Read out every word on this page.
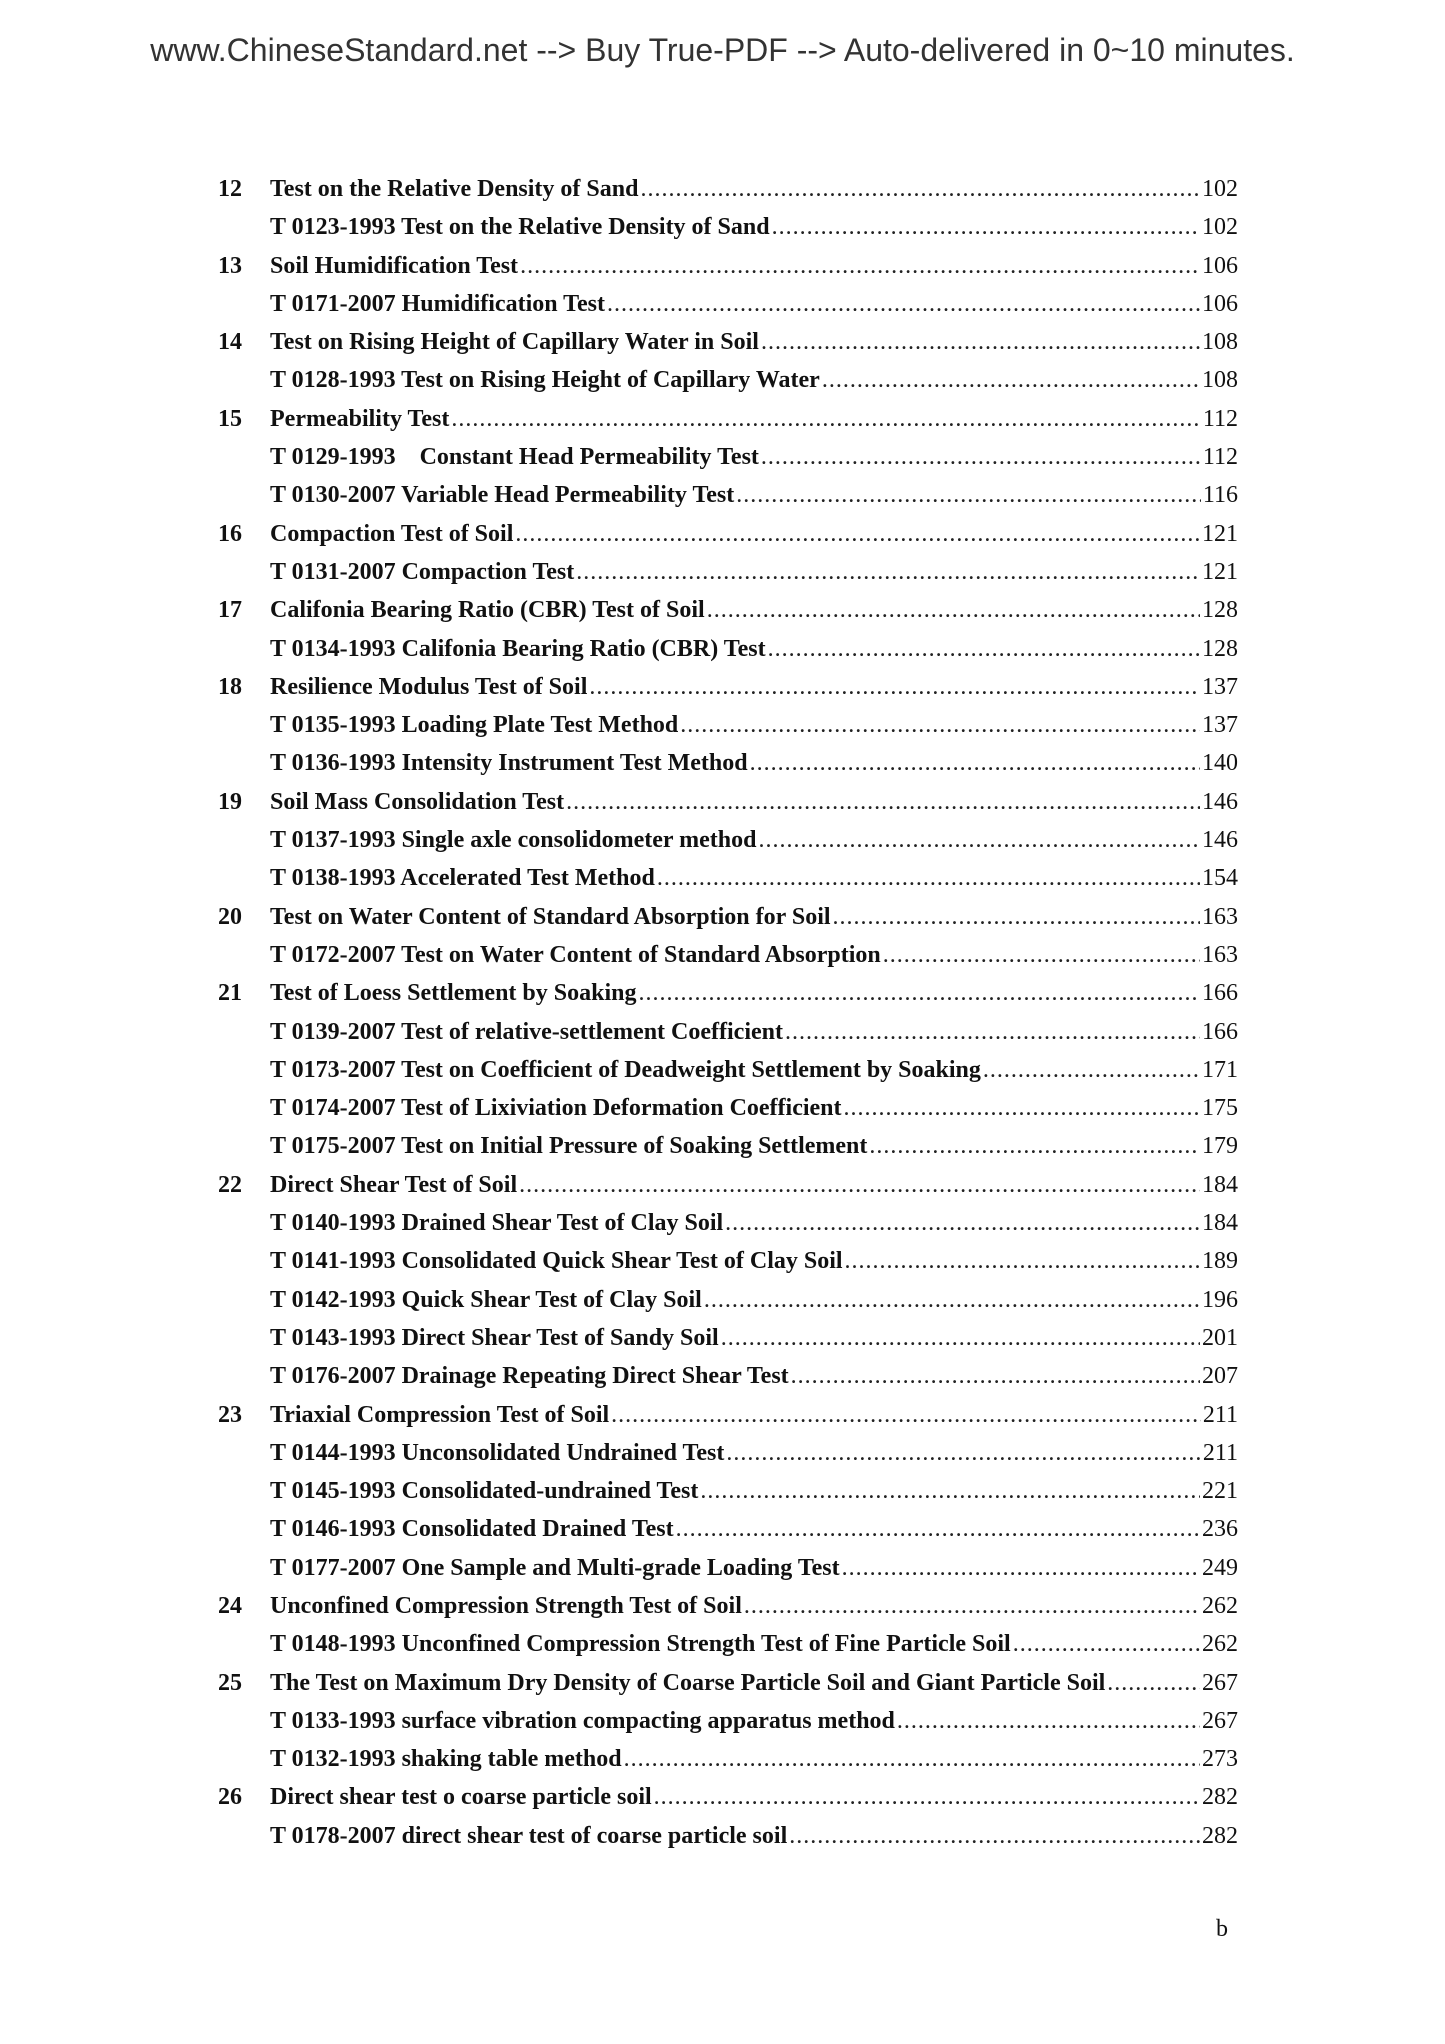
www.ChineseStandard.net --> Buy True-PDF --> Auto-delivered in 0~10 minutes.
12	Test on the Relative Density of Sand .....	102
T 0123-1993 Test on the Relative Density of Sand .....	102
13	Soil Humidification Test .....	106
T 0171-2007 Humidification Test .....	106
14	Test on Rising Height of Capillary Water in Soil .....	108
T 0128-1993 Test on Rising Height of Capillary Water .....	108
15	Permeability Test .....	112
T 0129-1993    Constant Head Permeability Test .....	112
T 0130-2007 Variable Head Permeability Test .....	116
16	Compaction Test of Soil .....	121
T 0131-2007 Compaction Test .....	121
17	Califonia Bearing Ratio (CBR) Test of Soil .....	128
T 0134-1993 Califonia Bearing Ratio (CBR) Test .....	128
18	Resilience Modulus Test of Soil .....	137
T 0135-1993 Loading Plate Test Method .....	137
T 0136-1993 Intensity Instrument Test Method .....	140
19	Soil Mass Consolidation Test .....	146
T 0137-1993 Single axle consolidometer method .....	146
T 0138-1993 Accelerated Test Method .....	154
20	Test on Water Content of Standard Absorption for Soil .....	163
T 0172-2007 Test on Water Content of Standard Absorption .....	163
21	Test of Loess Settlement by Soaking .....	166
T 0139-2007 Test of relative-settlement Coefficient .....	166
T 0173-2007 Test on Coefficient of Deadweight Settlement by Soaking .....	171
T 0174-2007 Test of Lixiviation Deformation Coefficient .....	175
T 0175-2007 Test on Initial Pressure of Soaking Settlement .....	179
22	Direct Shear Test of Soil .....	184
T 0140-1993 Drained Shear Test of Clay Soil .....	184
T 0141-1993 Consolidated Quick Shear Test of Clay Soil .....	189
T 0142-1993 Quick Shear Test of Clay Soil .....	196
T 0143-1993 Direct Shear Test of Sandy Soil .....	201
T 0176-2007 Drainage Repeating Direct Shear Test .....	207
23	Triaxial Compression Test of Soil .....	211
T 0144-1993 Unconsolidated Undrained Test .....	211
T 0145-1993 Consolidated-undrained Test .....	221
T 0146-1993 Consolidated Drained Test .....	236
T 0177-2007 One Sample and Multi-grade Loading Test .....	249
24	Unconfined Compression Strength Test of Soil .....	262
T 0148-1993 Unconfined Compression Strength Test of Fine Particle Soil .....	262
25	The Test on Maximum Dry Density of Coarse Particle Soil and Giant Particle Soil .....	267
T 0133-1993 surface vibration compacting apparatus method .....	267
T 0132-1993 shaking table method .....	273
26	Direct shear test o coarse particle soil .....	282
T 0178-2007 direct shear test of coarse particle soil .....	282
b
